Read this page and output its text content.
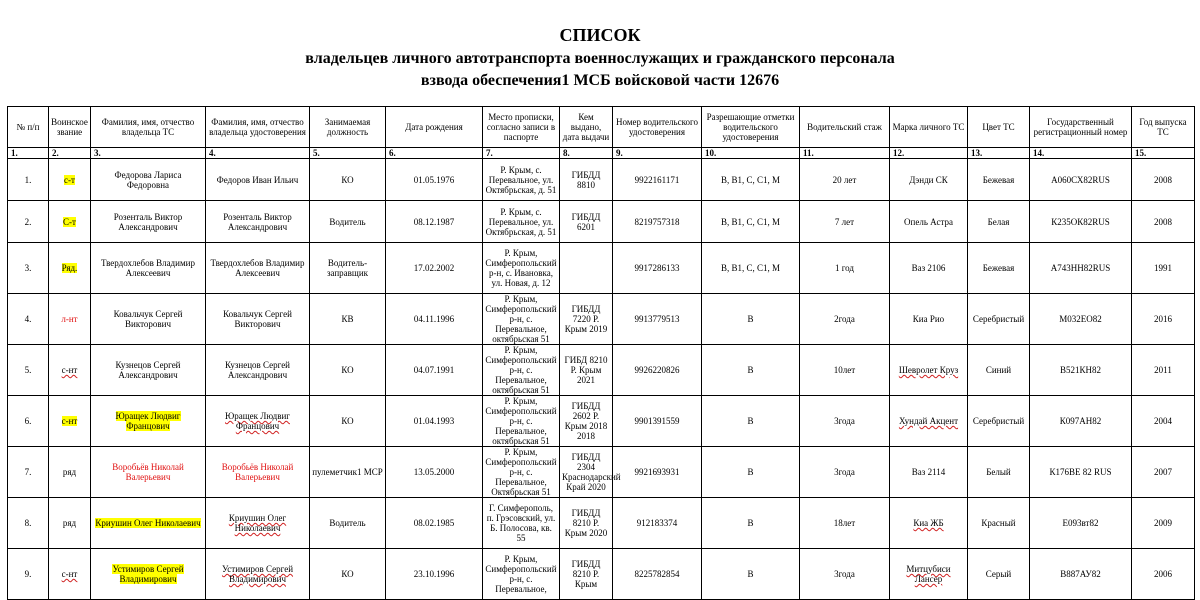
СПИСОК
владельцев личного автотранспорта военнослужащих и гражданского персонала
взвода обеспечения1 МСБ войсковой части 12676
№ п/п	Воинское звание	Фамилия, имя, отчество владельца ТС	Фамилия, имя, отчество владельца удостоверения	Занимаемая должность	Дата рождения	Место прописки, согласно записи в паспорте	Кем выдано, дата выдачи	Номер водительского удостоверения	Разрешающие отметки водительского удостоверения	Водительский стаж	Марка личного ТС	Цвет ТС	Государственный регистрационный номер	Год выпуска ТС
1.	2.	3.	4.	5.	6.	7.	8.	9.	10.	11.	12.	13.	14.	15.

1.	с-т	Федорова Лариса Федоровна	Федоров Иван Ильич	КО	01.05.1976	Р. Крым, с. Перевальное, ул. Октябрьская, д. 51	ГИБДД 8810	9922161171	B, B1, C, C1, M	20 лет	Дэнди СК	Бежевая	А060СХ82RUS	2008

2.	С-т	Розенталь Виктор Александрович	Розенталь Виктор Александрович	Водитель	08.12.1987	Р. Крым, с. Перевальное, ул. Октябрьская, д. 51	ГИБДД 6201	8219757318	B, B1, C, C1, M	7 лет	Опель Астра	Белая	К235ОК82RUS	2008

3.	Ряд.	Твердохлебов Владимир Алексеевич	Твердохлебов Владимир Алексеевич	Водитель-заправщик	17.02.2002	Р. Крым, Симферопольский р-н, с. Ивановка, ул. Новая, д. 12		9917286133	B, B1, C, C1, M	1 год	Ваз 2106	Бежевая	А743НН82RUS	1991

4.	л-нт	Ковальчук Сергей Викторович	Ковальчук Сергей Викторович	КВ	04.11.1996	Р. Крым, Симферопольский р-н, с. Перевальное, октябрьская 51	ГИБДД 7220 Р. Крым 2019	9913779513	B	2года	Киа Рио	Серебристый	М032ЕО82	2016

5.	с-нт	Кузнецов Сергей Александрович	Кузнецов Сергей Александрович	КО	04.07.1991	Р. Крым, Симферопольский р-н, с. Перевальное, октябрьская 51	ГИБД 8210 Р. Крым 2021	9926220826	B	10лет	Шевролет Круз	Синий	В521КН82	2011

6.	с-нт	Юращек Людвиг Францович	Юращек Людвиг Францович	КО	01.04.1993	Р. Крым, Симферопольский р-н, с. Перевальное, октябрьская 51	ГИБДД 2602 Р. Крым 2018 2018	9901391559	B	3года	Хундай Акцент	Серебристый	К097АН82	2004

7.	ряд	Воробьёв Николай Валерьевич	Воробьёв Николай Валерьевич	пулеметчик1 МСР	13.05.2000	Р. Крым, Симферопольский р-н, с. Перевальное, Октябрьская 51	ГИБДД 2304 Краснодарский Край 2020	9921693931	B	3года	Ваз 2114	Белый	К176ВЕ 82 RUS	2007

8.	ряд	Криушин Олег Николаевич	Криушин Олег Николаевич	Водитель	08.02.1985	Г. Симферополь, п. Грэсовский, ул. Б. Полосова, кв. 55	ГИБДД 8210 Р. Крым 2020	912183374	B	18лет	Киа ЖБ	Красный	Е093вт82	2009

9.	с-нт	Устимиров Сергей Владимирович	Устимиров Сергей Владимирович	КО	23.10.1996	Р. Крым, Симферопольский р-н, с. Перевальное,	ГИБДД 8210 Р. Крым	8225782854	B	3года	Митцубиси Лансер	Серый	В887АУ82	2006
